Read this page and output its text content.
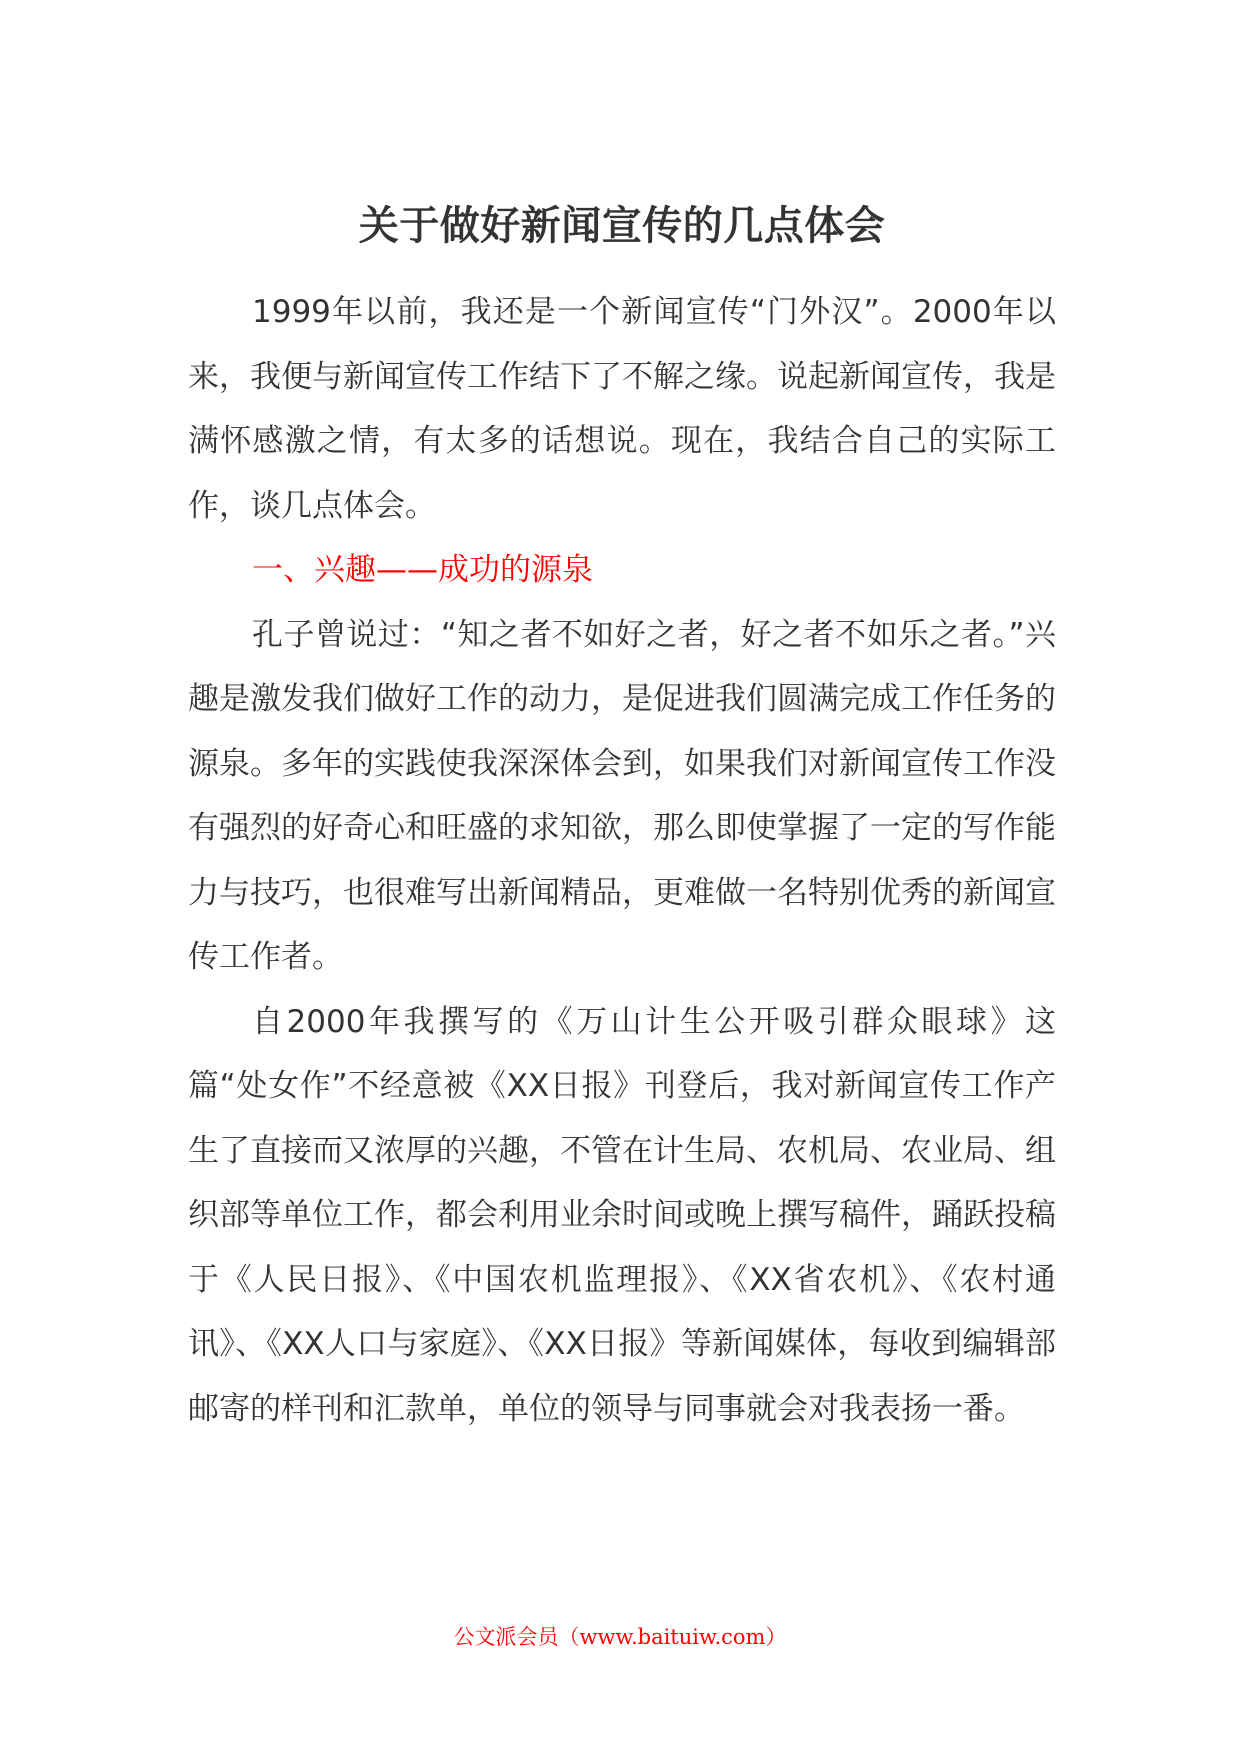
关于做好新闻宣传的几点体会

1999年以前，我还是一个新闻宣传“门外汉”。2000年以来，我便与新闻宣传工作结下了不解之缘。说起新闻宣传，我是满怀感激之情，有太多的话想说。现在，我结合自己的实际工作，谈几点体会。

一、兴趣——成功的源泉

孔子曾说过：“知之者不如好之者，好之者不如乐之者。”兴趣是激发我们做好工作的动力，是促进我们圆满完成工作任务的源泉。多年的实践使我深深体会到，如果我们对新闻宣传工作没有强烈的好奇心和旺盛的求知欲，那么即使掌握了一定的写作能力与技巧，也很难写出新闻精品，更难做一名特别优秀的新闻宣传工作者。

自2000年我撰写的《万山计生公开吸引群众眼球》这篇“处女作”不经意被《XX日报》刊登后，我对新闻宣传工作产生了直接而又浓厚的兴趣，不管在计生局、农机局、农业局、组织部等单位工作，都会利用业余时间或晚上撰写稿件，踊跃投稿于《人民日报》、《中国农机监理报》、《XX省农机》、《农村通讯》、《XX人口与家庭》、《XX日报》等新闻媒体，每收到编辑部邮寄的样刊和汇款单，单位的领导与同事就会对我表扬一番。

公文派会员（www.baituiw.com）
